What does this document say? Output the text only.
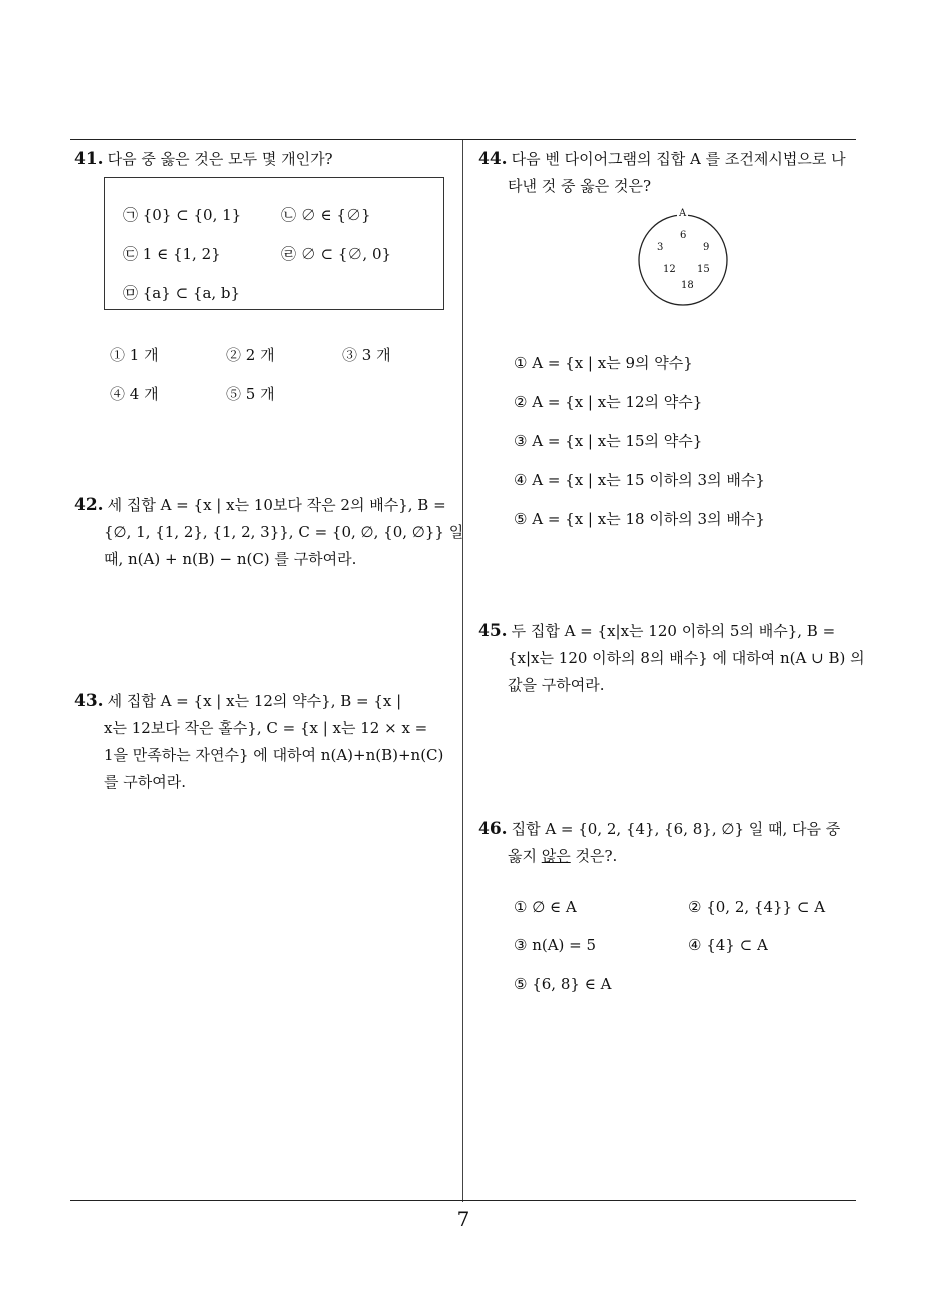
41. 다음 중 옳은 것은 모두 몇 개인가?
㉠ {0} ⊂ {0, 1}	㉡ ∅ ∈ {∅}
㉢ 1 ∈ {1, 2}	㉣ ∅ ⊂ {∅, 0}
㉤ {a} ⊂ {a, b}
① 1 개	② 2 개	③ 3 개
④ 4 개	⑤ 5 개
42. 세 집합 A = {x | x는 10보다 작은 2의 배수}, B =
{∅, 1, {1, 2}, {1, 2, 3}}, C = {0, ∅, {0, ∅}} 일
때, n(A) + n(B) − n(C) 를 구하여라.
43. 세 집합 A = {x | x는 12의 약수}, B = {x |
x는 12보다 작은 홀수}, C = {x | x는 12 × x =
1을 만족하는 자연수} 에 대하여 n(A)+n(B)+n(C)
를 구하여라.
44. 다음 벤 다이어그램의 집합 A 를 조건제시법으로 나
타낸 것 중 옳은 것은?
A
6
3	9
12 15
18
① A = {x | x는 9의 약수}
② A = {x | x는 12의 약수}
③ A = {x | x는 15의 약수}
④ A = {x | x는 15 이하의 3의 배수}
⑤ A = {x | x는 18 이하의 3의 배수}
45. 두 집합 A = {x|x는 120 이하의 5의 배수}, B =
{x|x는 120 이하의 8의 배수} 에 대하여 n(A ∪ B) 의
값을 구하여라.
46. 집합 A = {0, 2, {4}, {6, 8}, ∅} 일 때, 다음 중
옳지 않은 것은?.
① ∅ ∈ A	② {0, 2, {4}} ⊂ A
③ n(A) = 5	④ {4} ⊂ A
⑤ {6, 8} ∈ A
7
